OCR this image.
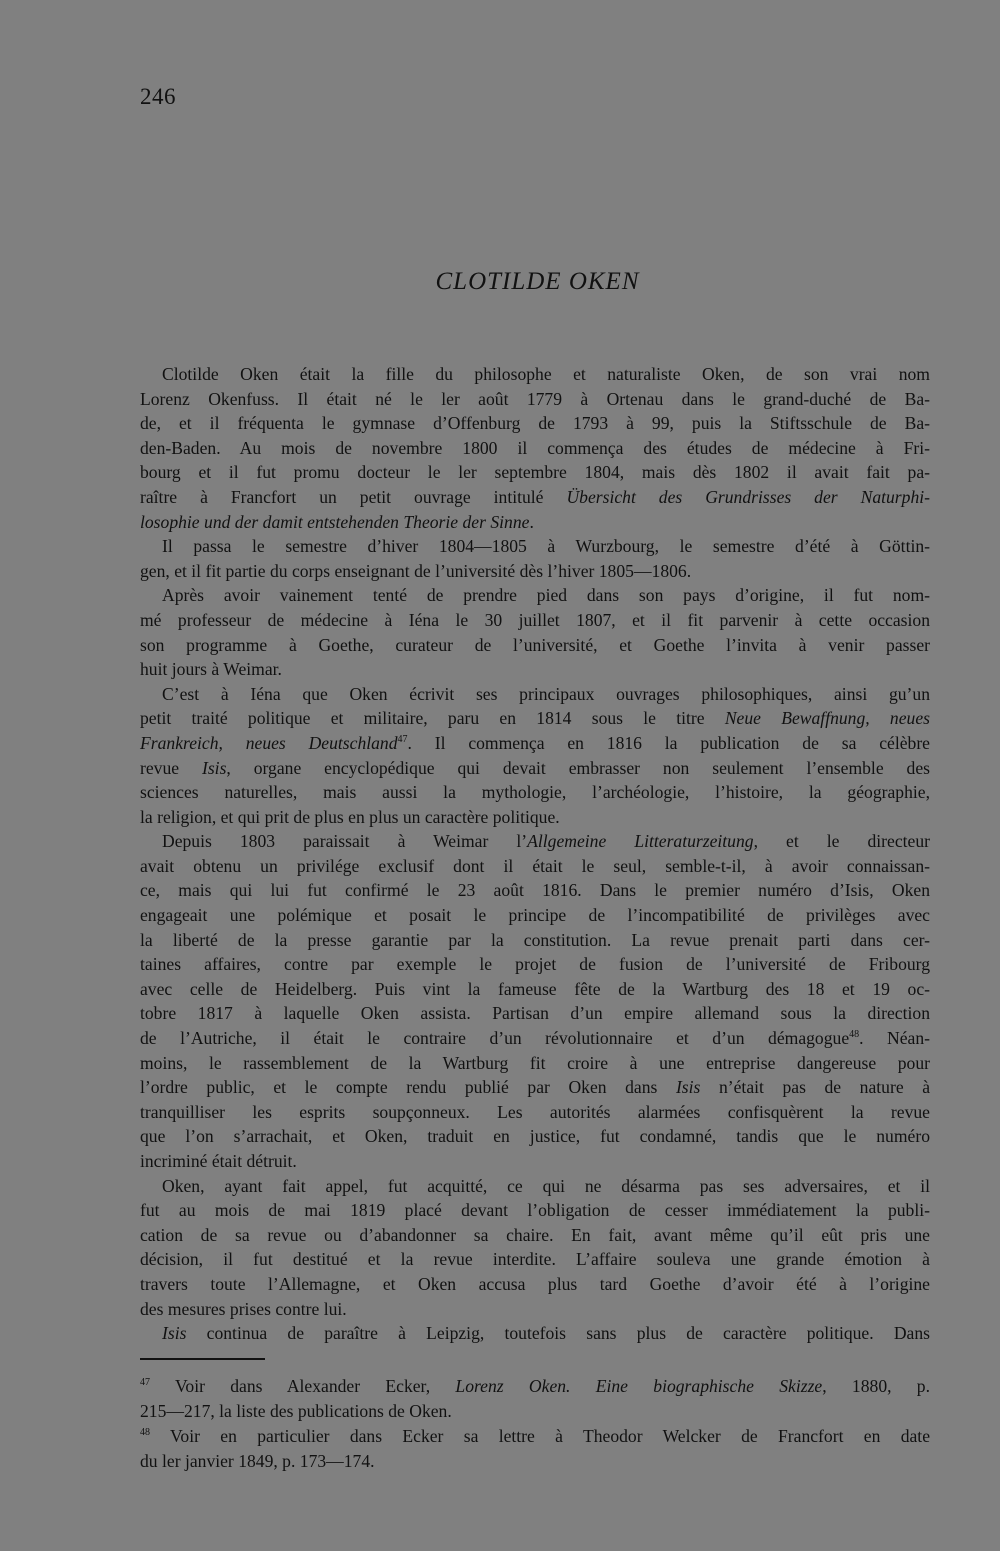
246
CLOTILDE OKEN
Clotilde Oken était la fille du philosophe et naturaliste Oken, de son vrai nom
Lorenz Okenfuss. Il était né le ler août 1779 à Ortenau dans le grand-duché de Ba-
de, et il fréquenta le gymnase d’Offenburg de 1793 à 99, puis la Stiftsschule de Ba-
den-Baden. Au mois de novembre 1800 il commença des études de médecine à Fri-
bourg et il fut promu docteur le ler septembre 1804, mais dès 1802 il avait fait pa-
raître à Francfort un petit ouvrage intitulé Übersicht des Grundrisses der Naturphi-
losophie und der damit entstehenden Theorie der Sinne.
Il passa le semestre d’hiver 1804—1805 à Wurzbourg, le semestre d’été à Göttin-
gen, et il fit partie du corps enseignant de l’université dès l’hiver 1805—1806.
Après avoir vainement tenté de prendre pied dans son pays d’origine, il fut nom-
mé professeur de médecine à Iéna le 30 juillet 1807, et il fit parvenir à cette occasion
son programme à Goethe, curateur de l’université, et Goethe l’invita à venir passer
huit jours à Weimar.
C’est à Iéna que Oken écrivit ses principaux ouvrages philosophiques, ainsi gu’un
petit traité politique et militaire, paru en 1814 sous le titre Neue Bewaffnung, neues
Frankreich, neues Deutschland$^{47}$. Il commença en 1816 la publication de sa célèbre
revue Isis, organe encyclopédique qui devait embrasser non seulement l’ensemble des
sciences naturelles, mais aussi la mythologie, l’archéologie, l’histoire, la géographie,
la religion, et qui prit de plus en plus un caractère politique.
Depuis 1803 paraissait à Weimar l’Allgemeine Litteraturzeitung, et le directeur
avait obtenu un privilége exclusif dont il était le seul, semble-t-il, à avoir connaissan-
ce, mais qui lui fut confirmé le 23 août 1816. Dans le premier numéro d’Isis, Oken
engageait une polémique et posait le principe de l’incompatibilité de privilèges avec
la liberté de la presse garantie par la constitution. La revue prenait parti dans cer-
taines affaires, contre par exemple le projet de fusion de l’université de Fribourg
avec celle de Heidelberg. Puis vint la fameuse fête de la Wartburg des 18 et 19 oc-
tobre 1817 à laquelle Oken assista. Partisan d’un empire allemand sous la direction
de l’Autriche, il était le contraire d’un révolutionnaire et d’un démagogue$^{48}$. Néan-
moins, le rassemblement de la Wartburg fit croire à une entreprise dangereuse pour
l’ordre public, et le compte rendu publié par Oken dans Isis n’était pas de nature à
tranquilliser les esprits soupçonneux. Les autorités alarmées confisquèrent la revue
que l’on s’arrachait, et Oken, traduit en justice, fut condamné, tandis que le numéro
incriminé était détruit.
Oken, ayant fait appel, fut acquitté, ce qui ne désarma pas ses adversaires, et il
fut au mois de mai 1819 placé devant l’obligation de cesser immédiatement la publi-
cation de sa revue ou d’abandonner sa chaire. En fait, avant même qu’il eût pris une
décision, il fut destitué et la revue interdite. L’affaire souleva une grande émotion à
travers toute l’Allemagne, et Oken accusa plus tard Goethe d’avoir été à l’origine
des mesures prises contre lui.
Isis continua de paraître à Leipzig, toutefois sans plus de caractère politique. Dans
$^{47}$ Voir dans Alexander Ecker, Lorenz Oken. Eine biographische Skizze, 1880, p.
215—217, la liste des publications de Oken.
$^{48}$ Voir en particulier dans Ecker sa lettre à Theodor Welcker de Francfort en date
du ler janvier 1849, p. 173—174.
